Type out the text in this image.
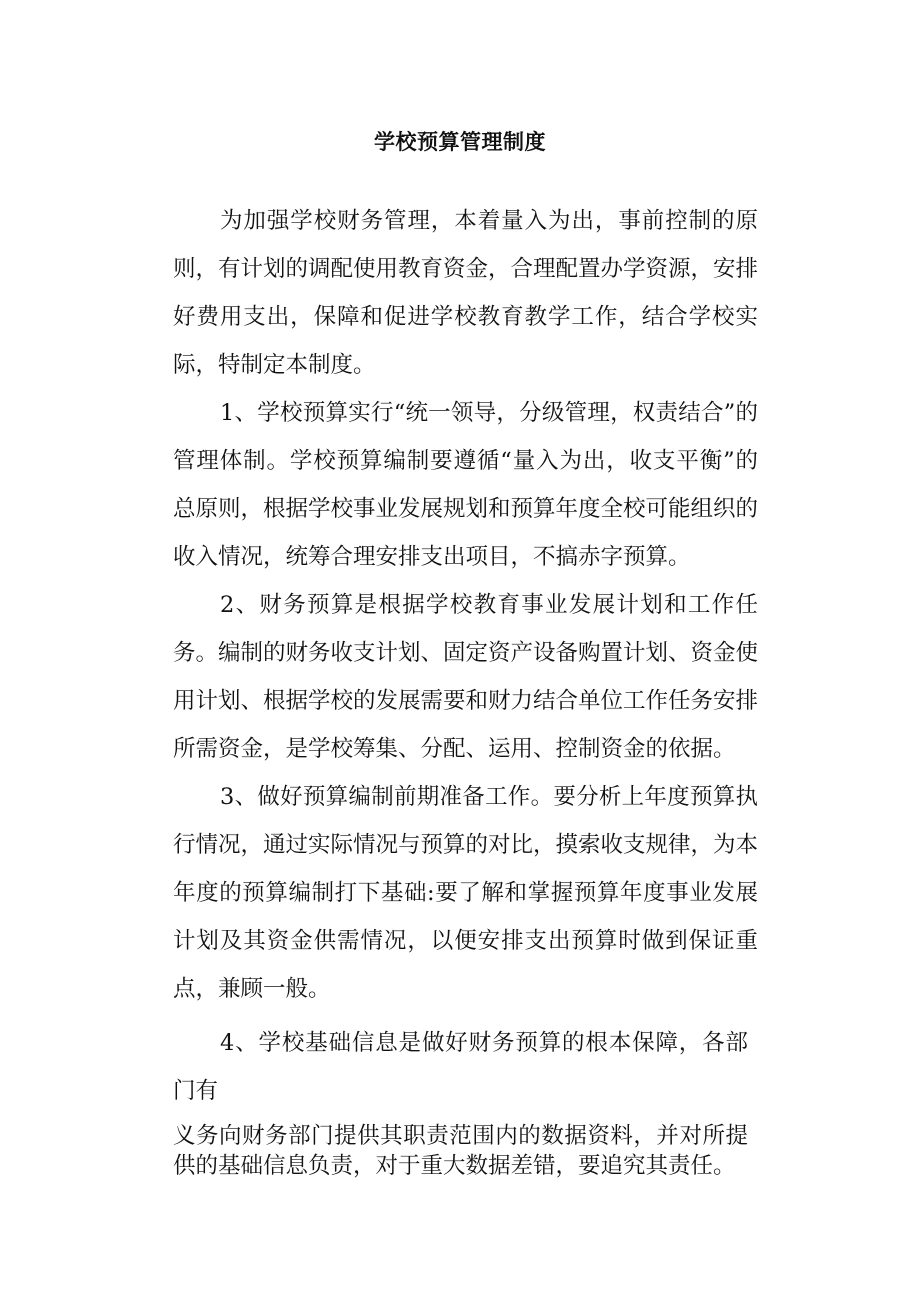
学校预算管理制度

为加强学校财务管理，本着量入为出，事前控制的原则，有计划的调配使用教育资金，合理配置办学资源，安排好费用支出，保障和促进学校教育教学工作，结合学校实际，特制定本制度。

1、学校预算实行“统一领导，分级管理，权责结合”的管理体制。学校预算编制要遵循“量入为出，收支平衡”的总原则，根据学校事业发展规划和预算年度全校可能组织的收入情况，统筹合理安排支出项目，不搞赤字预算。

2、财务预算是根据学校教育事业发展计划和工作任务。编制的财务收支计划、固定资产设备购置计划、资金使用计划、根据学校的发展需要和财力结合单位工作任务安排所需资金，是学校筹集、分配、运用、控制资金的依据。

3、做好预算编制前期准备工作。要分析上年度预算执行情况，通过实际情况与预算的对比，摸索收支规律，为本年度的预算编制打下基础:要了解和掌握预算年度事业发展计划及其资金供需情况，以便安排支出预算时做到保证重点，兼顾一般。

4、学校基础信息是做好财务预算的根本保障，各部门有
义务向财务部门提供其职责范围内的数据资料，并对所提供的基础信息负责，对于重大数据差错，要追究其责任。
